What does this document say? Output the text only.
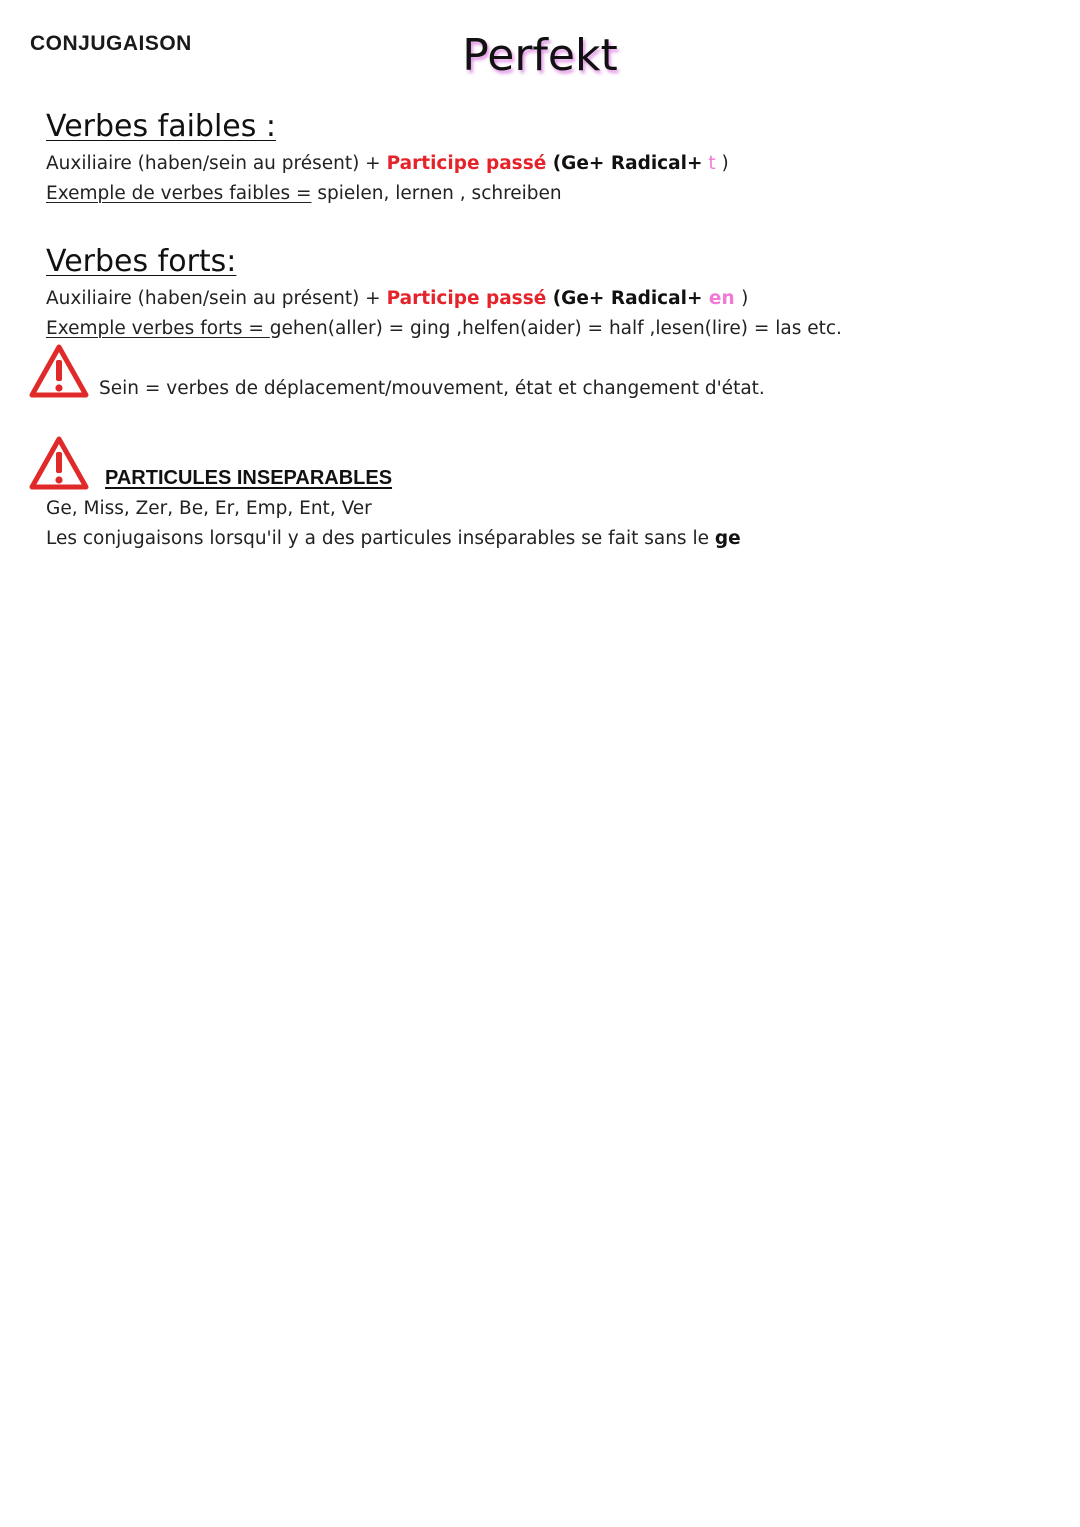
CONJUGAISON	Perfekt
Verbes faibles :
Auxiliaire (haben/sein au présent) + Participe passé (Ge+ Radical+ t )
Exemple de verbes faibles = spielen, lernen , schreiben
Verbes forts:
Auxiliaire (haben/sein au présent) + Participe passé (Ge+ Radical+ en )
Exemple verbes forts = gehen(aller) = ging ,helfen(aider) = half ,lesen(lire) = las etc.
Sein = verbes de déplacement/mouvement, état et changement d'état.
PARTICULES INSEPARABLES
Ge, Miss, Zer, Be, Er, Emp, Ent, Ver
Les conjugaisons lorsqu'il y a des particules inséparables se fait sans le ge
